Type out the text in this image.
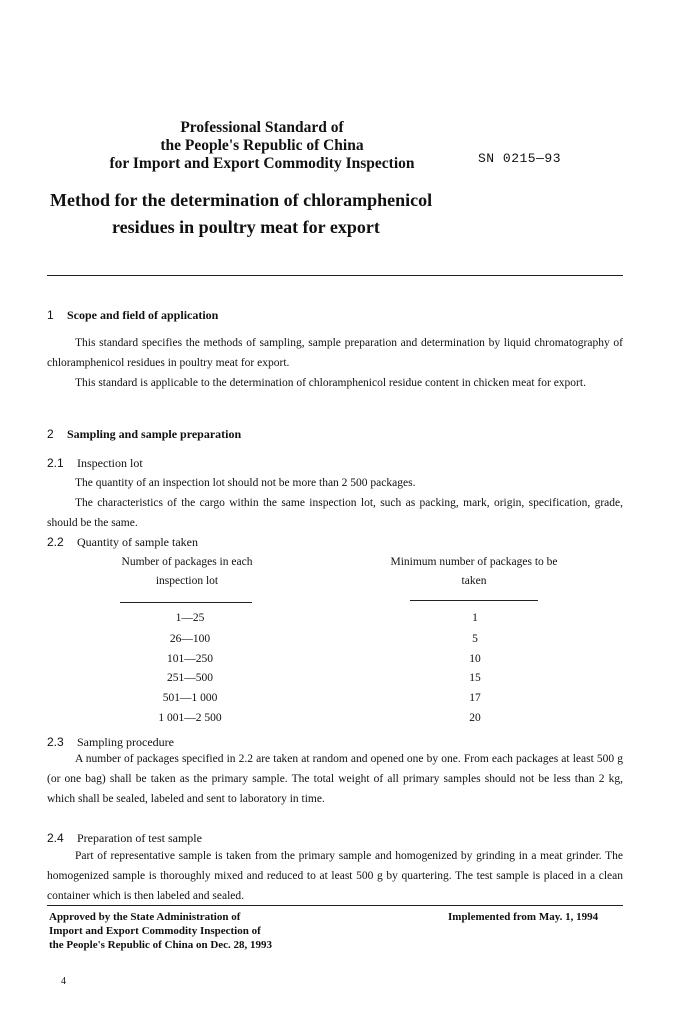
Professional Standard of
the People's Republic of China
for Import and Export Commodity Inspection	SN 0215—93
Method for the determination of chloramphenicol
residues in poultry meat for export
1 Scope and field of application
This standard specifies the methods of sampling, sample preparation and determination by liquid chromatography of chloramphenicol residues in poultry meat for export.
This standard is applicable to the determination of chloramphenicol residue content in chicken meat for export.
2 Sampling and sample preparation
2.1 Inspection lot
The quantity of an inspection lot should not be more than 2 500 packages.
The characteristics of the cargo within the same inspection lot, such as packing, mark, origin, specification, grade, should be the same.
2.2 Quantity of sample taken
Number of packages in each inspection lot
Minimum number of packages to be taken
1—25	1
26—100	5
101—250	10
251—500	15
501—1 000	17
1 001—2 500	20
2.3 Sampling procedure
A number of packages specified in 2.2 are taken at random and opened one by one. From each packages at least 500 g (or one bag) shall be taken as the primary sample. The total weight of all primary samples should not be less than 2 kg, which shall be sealed, labeled and sent to laboratory in time.
2.4 Preparation of test sample
Part of representative sample is taken from the primary sample and homogenized by grinding in a meat grinder. The homogenized sample is thoroughly mixed and reduced to at least 500 g by quartering. The test sample is placed in a clean container which is then labeled and sealed.
Approved by the State Administration of
Import and Export Commodity Inspection of
the People's Republic of China on Dec. 28, 1993
Implemented from May. 1, 1994
4
